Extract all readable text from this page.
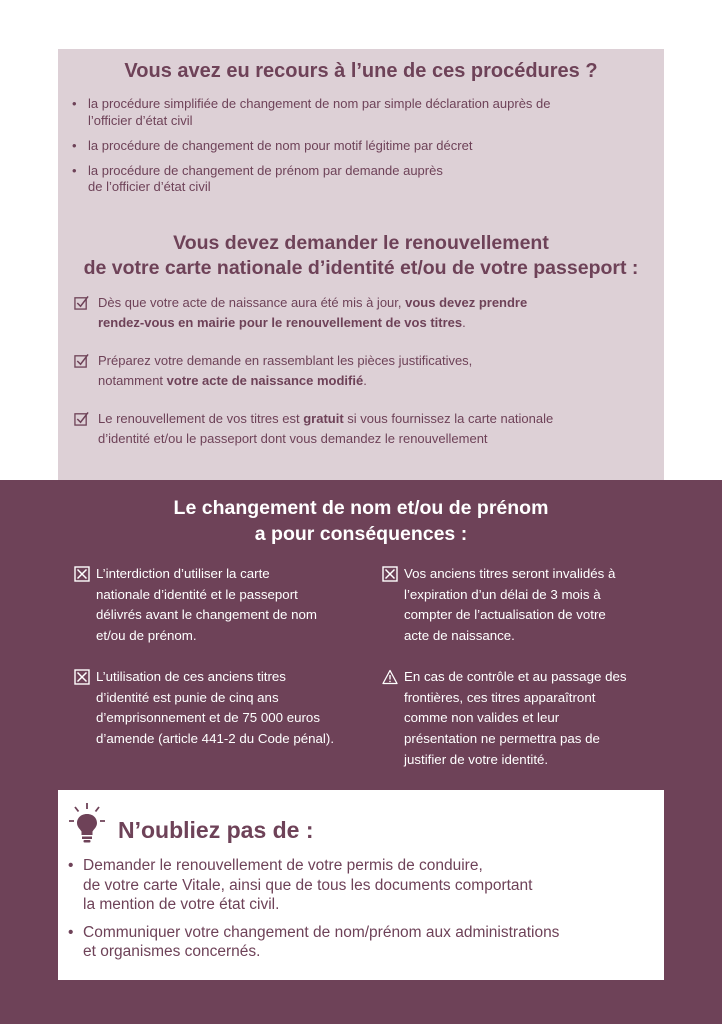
Vous avez eu recours à l’une de ces procédures ?
• la procédure simplifiée de changement de nom par simple déclaration auprès de
l’officier d’état civil
• la procédure de changement de nom pour motif légitime par décret
• la procédure de changement de prénom par demande auprès
de l’officier d’état civil
Vous devez demander le renouvellement
de votre carte nationale d’identité et/ou de votre passeport :
Dès que votre acte de naissance aura été mis à jour, vous devez prendre
rendez-vous en mairie pour le renouvellement de vos titres.
Préparez votre demande en rassemblant les pièces justificatives,
notamment votre acte de naissance modifié.
Le renouvellement de vos titres est gratuit si vous fournissez la carte nationale
d’identité et/ou le passeport dont vous demandez le renouvellement
Le changement de nom et/ou de prénom
a pour conséquences :
L’interdiction d’utiliser la carte
nationale d’identité et le passeport
délivrés avant le changement de nom
et/ou de prénom.
Vos anciens titres seront invalidés à
l’expiration d’un délai de 3 mois à
compter de l’actualisation de votre
acte de naissance.
L’utilisation de ces anciens titres
d’identité est punie de cinq ans
d’emprisonnement et de 75 000 euros
d’amende (article 441-2 du Code pénal).
En cas de contrôle et au passage des
frontières, ces titres apparaîtront
comme non valides et leur
présentation ne permettra pas de
justifier de votre identité.
N’oubliez pas de :
• Demander le renouvellement de votre permis de conduire,
de votre carte Vitale, ainsi que de tous les documents comportant
la mention de votre état civil.
• Communiquer votre changement de nom/prénom aux administrations
et organismes concernés.
